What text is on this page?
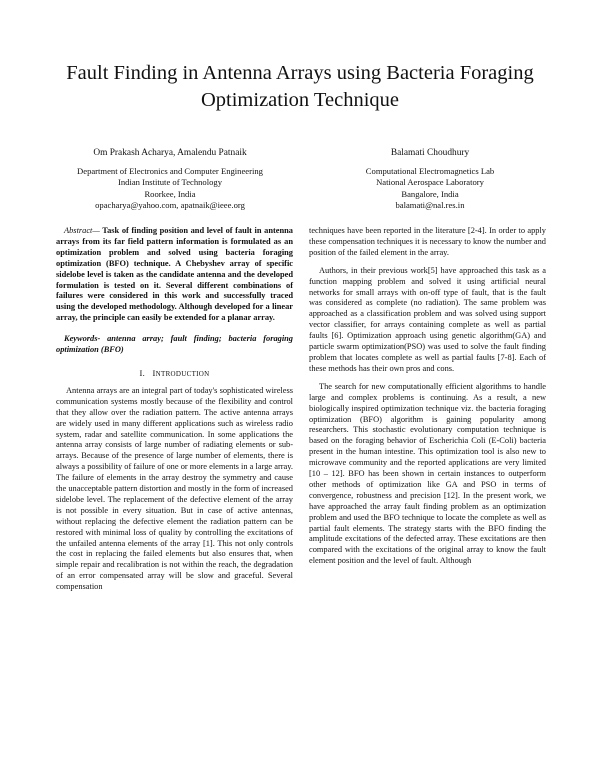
Fault Finding in Antenna Arrays using Bacteria Foraging Optimization Technique
Om Prakash Acharya, Amalendu Patnaik
Department of Electronics and Computer Engineering
Indian Institute of Technology
Roorkee, India
opacharya@yahoo.com, apatnaik@ieee.org
Balamati Choudhury
Computational Electromagnetics Lab
National Aerospace Laboratory
Bangalore, India
balamati@nal.res.in

Abstract— Task of finding position and level of fault in antenna arrays from its far field pattern information is formulated as an optimization problem and solved using bacteria foraging optimization (BFO) technique. A Chebyshev array of specific sidelobe level is taken as the candidate antenna and the developed formulation is tested on it. Several different combinations of failures were considered in this work and successfully traced using the developed methodology. Although developed for a linear array, the principle can easily be extended for a planar array.

Keywords- antenna array; fault finding; bacteria foraging optimization (BFO)

I. INTRODUCTION

Antenna arrays are an integral part of today's sophisticated wireless communication systems mostly because of the flexibility and control that they allow over the radiation pattern. The active antenna arrays are widely used in many different applications such as wireless radio system, radar and satellite communication. In some applications the antenna array consists of large number of radiating elements or sub-arrays. Because of the presence of large number of elements, there is always a possibility of failure of one or more elements in a large array. The failure of elements in the array destroy the symmetry and cause the unacceptable pattern distortion and mostly in the form of increased sidelobe level. The replacement of the defective element of the array is not possible in every situation. But in case of active antennas, without replacing the defective element the radiation pattern can be restored with minimal loss of quality by controlling the excitations of the unfailed antenna elements of the array [1]. This not only controls the cost in replacing the failed elements but also ensures that, when simple repair and recalibration is not within the reach, the degradation of an error compensated array will be slow and graceful. Several compensation

techniques have been reported in the literature [2-4]. In order to apply these compensation techniques it is necessary to know the number and position of the failed element in the array.

Authors, in their previous work[5] have approached this task as a function mapping problem and solved it using artificial neural networks for small arrays with on-off type of fault, that is the fault was considered as complete (no radiation). The same problem was approached as a classification problem and was solved using support vector classifier, for arrays containing complete as well as partial faults [6]. Optimization approach using genetic algorithm(GA) and particle swarm optimization(PSO) was used to solve the fault finding problem that locates complete as well as partial faults [7-8]. Each of these methods has their own pros and cons.

The search for new computationally efficient algorithms to handle large and complex problems is continuing. As a result, a new biologically inspired optimization technique viz. the bacteria foraging optimization (BFO) algorithm is gaining popularity among researchers. This stochastic evolutionary computation technique is based on the foraging behavior of Escherichia Coli (E-Coli) bacteria present in the human intestine. This optimization tool is also new to microwave community and the reported applications are very limited [10 – 12]. BFO has been shown in certain instances to outperform other methods of optimization like GA and PSO in terms of convergence, robustness and precision [12]. In the present work, we have approached the array fault finding problem as an optimization problem and used the BFO technique to locate the complete as well as partial fault elements. The strategy starts with the BFO finding the amplitude excitations of the defected array. These excitations are then compared with the excitations of the original array to know the fault element position and the level of fault. Although
